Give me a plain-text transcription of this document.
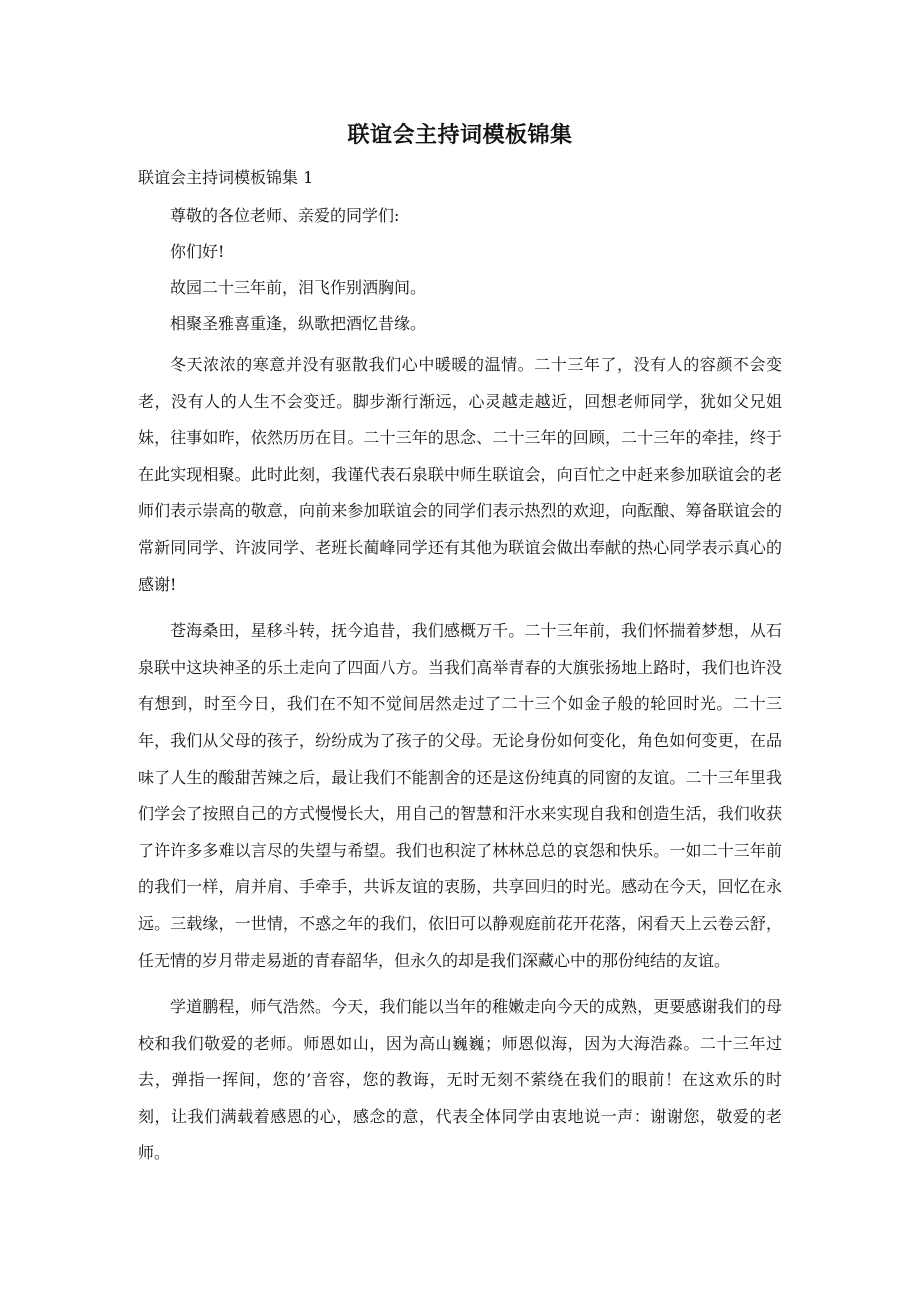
联谊会主持词模板锦集

联谊会主持词模板锦集 1

尊敬的各位老师、亲爱的同学们:

你们好!

故园二十三年前，泪飞作别洒胸间。

相聚圣雅喜重逢，纵歌把酒忆昔缘。

冬天浓浓的寒意并没有驱散我们心中暖暖的温情。二十三年了，没有人的容颜不会变老，没有人的人生不会变迁。脚步渐行渐远，心灵越走越近，回想老师同学，犹如父兄姐妹，往事如昨，依然历历在目。二十三年的思念、二十三年的回顾，二十三年的牵挂，终于在此实现相聚。此时此刻，我谨代表石泉联中师生联谊会，向百忙之中赶来参加联谊会的老师们表示崇高的敬意，向前来参加联谊会的同学们表示热烈的欢迎，向酝酿、筹备联谊会的常新同同学、许波同学、老班长蔺峰同学还有其他为联谊会做出奉献的热心同学表示真心的感谢!

苍海桑田，星移斗转，抚今追昔，我们感概万千。二十三年前，我们怀揣着梦想，从石泉联中这块神圣的乐土走向了四面八方。当我们高举青春的大旗张扬地上路时，我们也许没有想到，时至今日，我们在不知不觉间居然走过了二十三个如金子般的轮回时光。二十三年，我们从父母的孩子，纷纷成为了孩子的父母。无论身份如何变化，角色如何变更，在品味了人生的酸甜苦辣之后，最让我们不能割舍的还是这份纯真的同窗的友谊。二十三年里我们学会了按照自己的方式慢慢长大，用自己的智慧和汗水来实现自我和创造生活，我们收获了许许多多难以言尽的失望与希望。我们也积淀了林林总总的哀怨和快乐。一如二十三年前的我们一样，肩并肩、手牵手，共诉友谊的衷肠，共享回归的时光。感动在今天，回忆在永远。三载缘，一世情，不惑之年的我们，依旧可以静观庭前花开花落，闲看天上云卷云舒，任无情的岁月带走易逝的青春韶华，但永久的却是我们深藏心中的那份纯结的友谊。

学道鹏程，师气浩然。今天，我们能以当年的稚嫩走向今天的成熟，更要感谢我们的母校和我们敬爱的老师。师恩如山，因为高山巍巍；师恩似海，因为大海浩淼。二十三年过去，弹指一挥间，您的’音容，您的教诲，无时无刻不萦绕在我们的眼前！在这欢乐的时刻，让我们满载着感恩的心，感念的意，代表全体同学由衷地说一声：谢谢您，敬爱的老师。
